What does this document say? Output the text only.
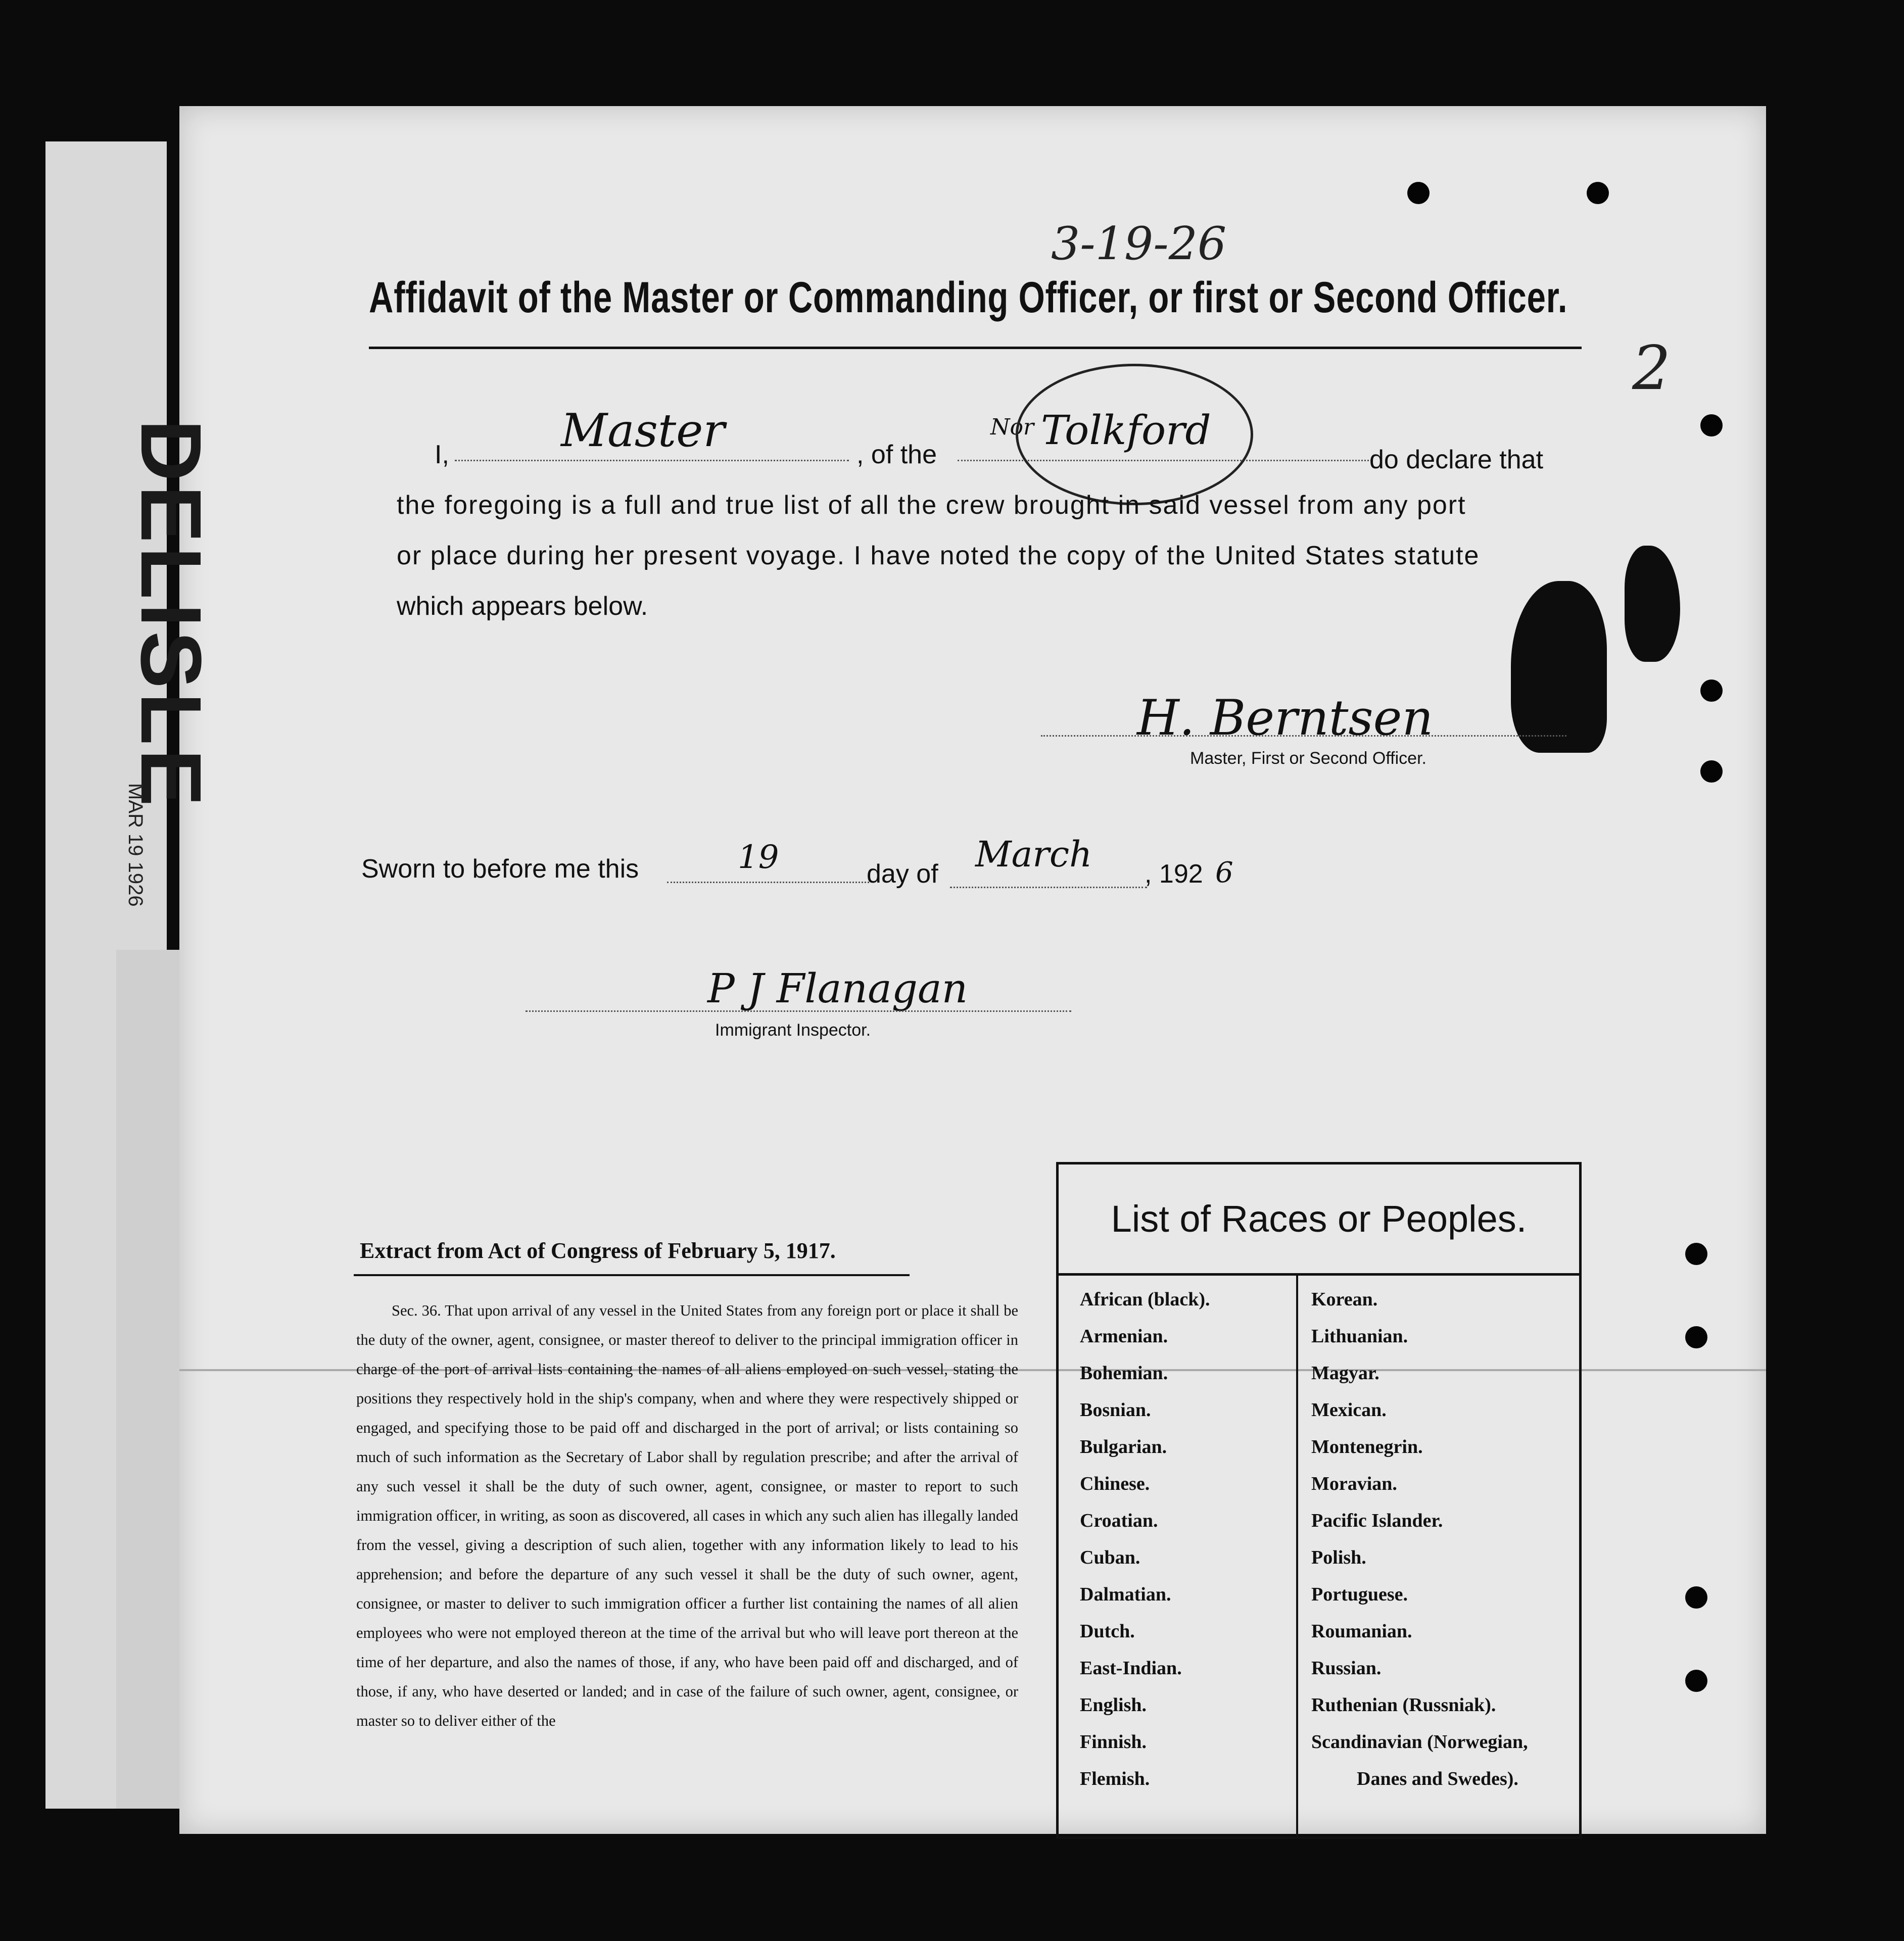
DELISLE
MAR 19 1926
3-19-26
2
Affidavit of the Master or Commanding Officer, or first or Second Officer.
I, Master	, of the
Nor Tolkford
do declare that
the foregoing is a full and true list of all the crew brought in said vessel from any port
or place during her present voyage. I have noted the copy of the United States statute
which appears below.
H. Berntsen
Master, First or Second Officer.
Sworn to before me this	19	day of March , 192 6
P J Flanagan
Immigrant Inspector.
Extract from Act of Congress of February 5, 1917.

Sec. 36. That upon arrival of any vessel in the United States from any foreign port or place it shall be the duty of the owner, agent, consignee, or master thereof to deliver to the principal immigration officer in charge of the port of arrival lists containing the names of all aliens employed on such vessel, stating the positions they respectively hold in the ship's company, when and where they were respectively shipped or engaged, and specifying those to be paid off and discharged in the port of arrival; or lists containing so much of such information as the Secretary of Labor shall by regulation prescribe; and after the arrival of any such vessel it shall be the duty of such owner, agent, consignee, or master to report to such immigration officer, in writing, as soon as discovered, all cases in which any such alien has illegally landed from the vessel, giving a description of such alien, together with any information likely to lead to his apprehension; and before the departure of any such vessel it shall be the duty of such owner, agent, consignee, or master to deliver to such immigration officer a further list containing the names of all alien employees who were not employed thereon at the time of the arrival but who will leave port thereon at the time of her departure, and also the names of those, if any, who have been paid off and discharged, and of those, if any, who have deserted or landed; and in case of the failure of such owner, agent, consignee, or master so to deliver either of the

List of Races or Peoples.
African (black).
Armenian.
Bohemian.
Bosnian.
Bulgarian.
Chinese.
Croatian.
Cuban.
Dalmatian.
Dutch.
East-Indian.
English.
Finnish.
Flemish.
Korean.
Lithuanian.
Magyar.
Mexican.
Montenegrin.
Moravian.
Pacific Islander.
Polish.
Portuguese.
Roumanian.
Russian.
Ruthenian (Russniak).
Scandinavian (Norwegian,
Danes and Swedes).
